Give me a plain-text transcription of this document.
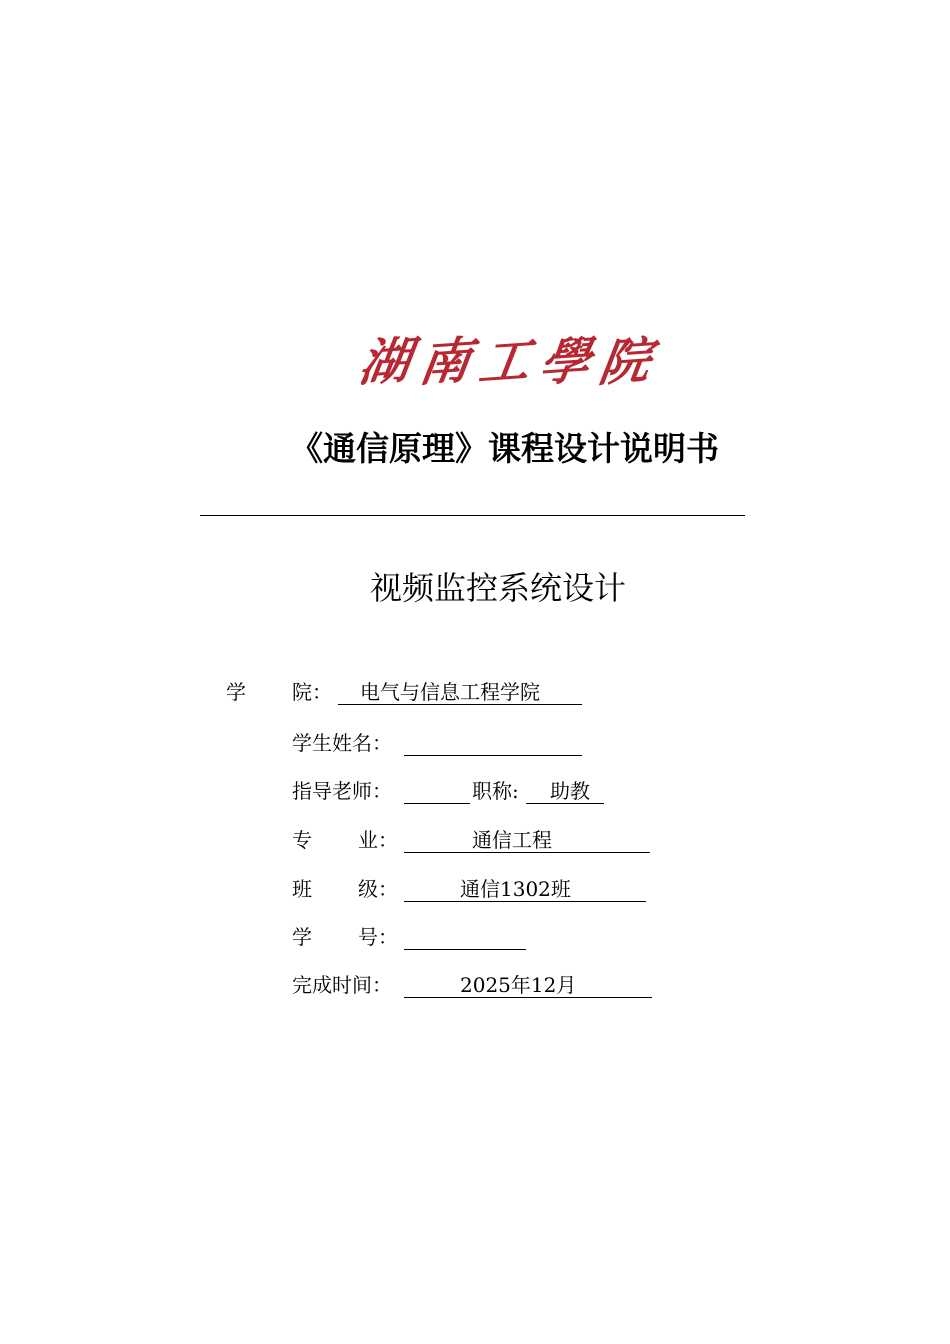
湖 南 工 學 院
《通信原理》课程设计说明书
视频监控系统设计
学 院： 电气与信息工程学院
学生姓名：
指导老师：	职称: 助教
专 业：	通信工程
班 级：	通信1302班
学 号：
完成时间：	2025年12月
